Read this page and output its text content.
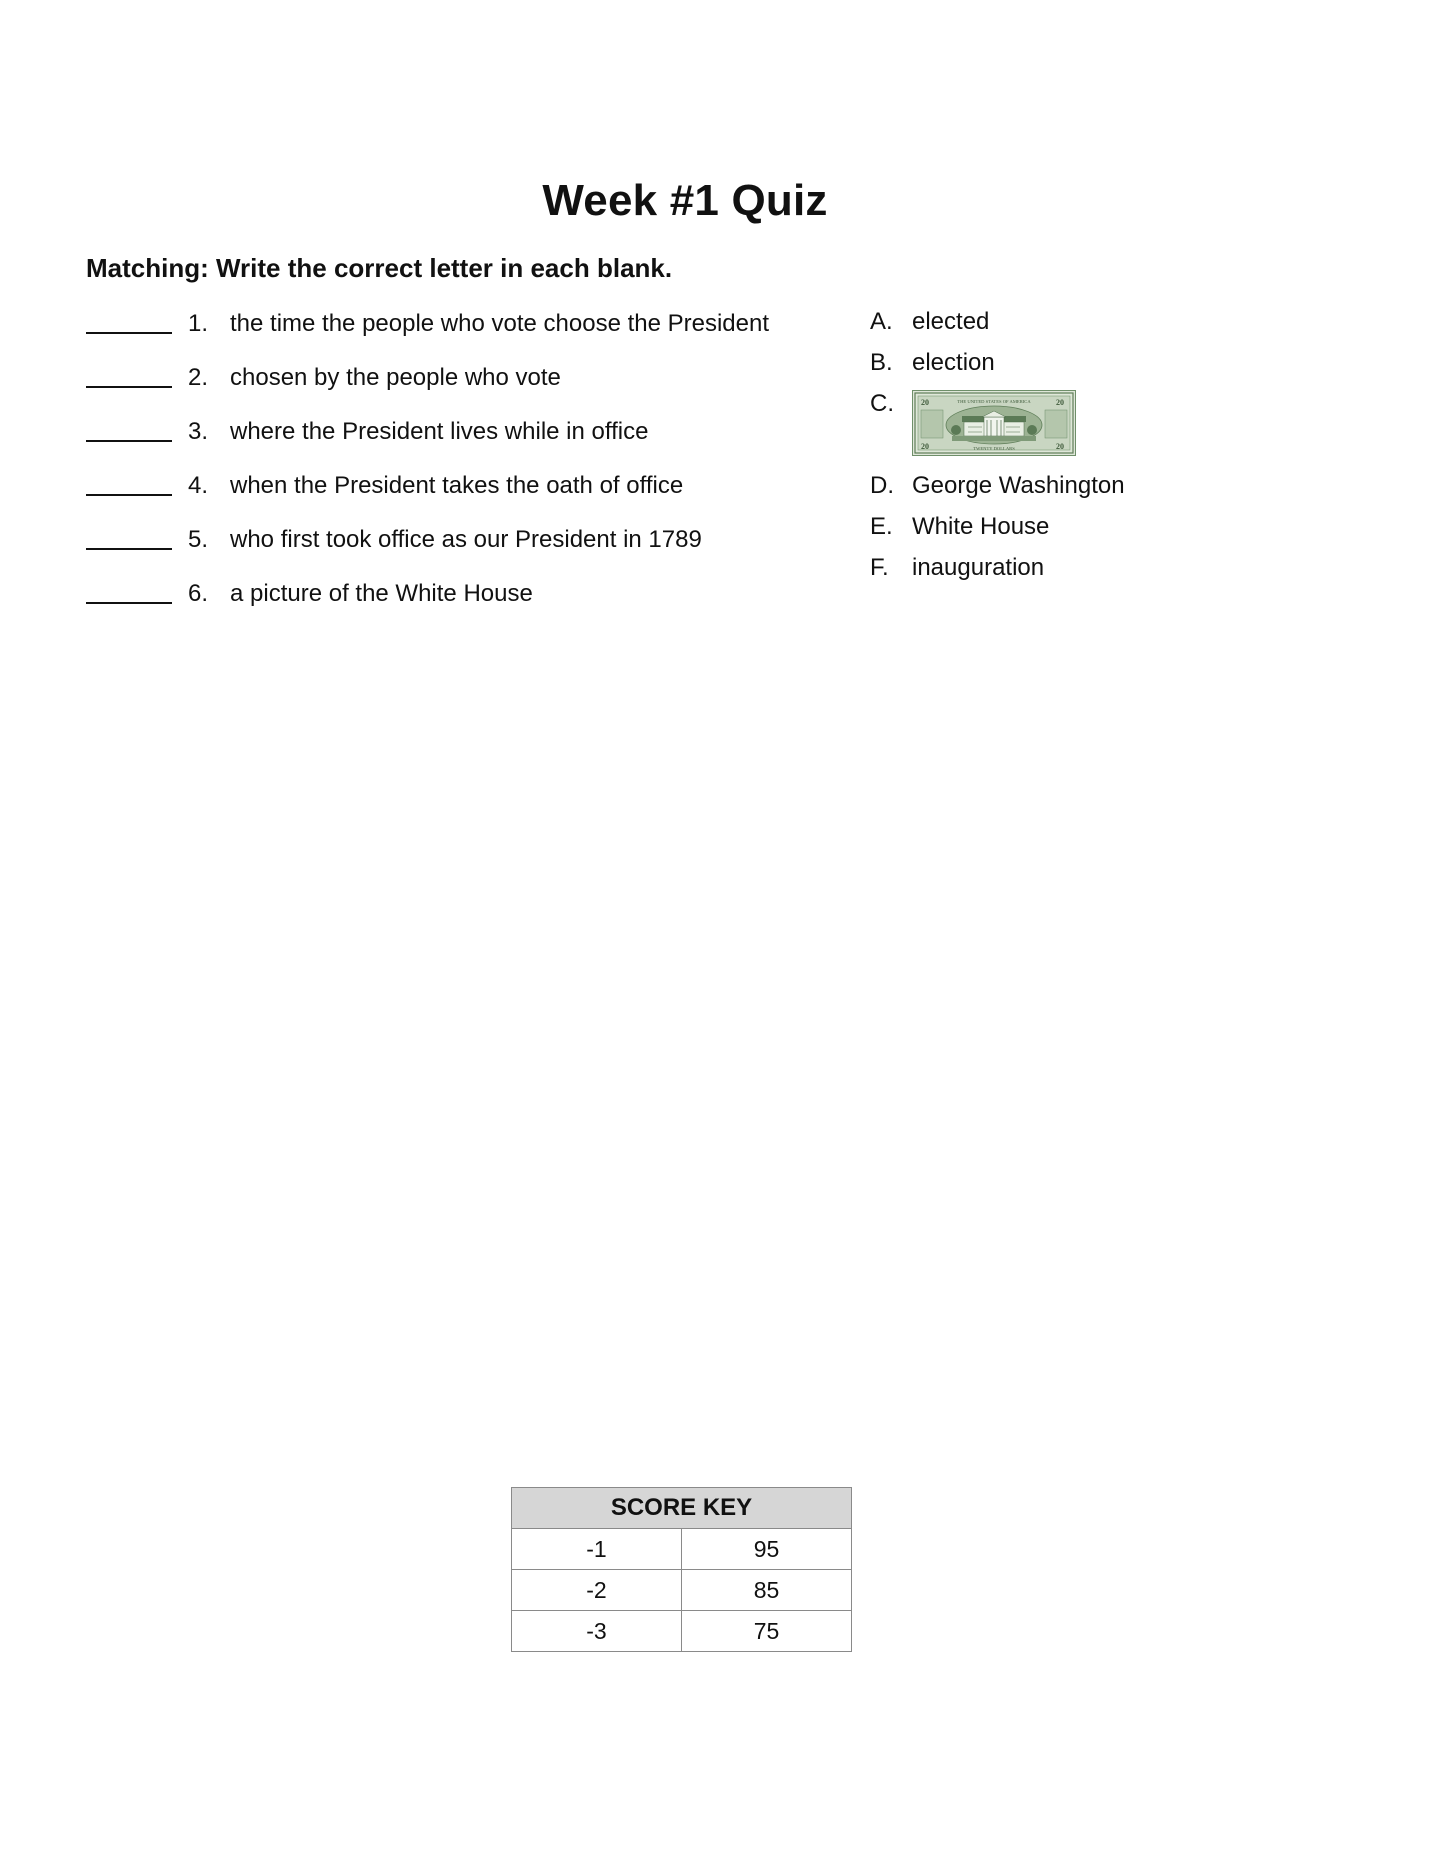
Week #1 Quiz
Matching: Write the correct letter in each blank.
1. the time the people who vote choose the President
2. chosen by the people who vote
3. where the President lives while in office
4. when the President takes the oath of office
5. who first took office as our President in 1789
6. a picture of the White House
A. elected
B. election
C.	20	20
20	20
THE UNITED STATES OF AMERICA
TWENTY DOLLARS
D. George Washington
E. White House
F. inauguration
SCORE KEY	
-1	95
-2	85
-3	75
